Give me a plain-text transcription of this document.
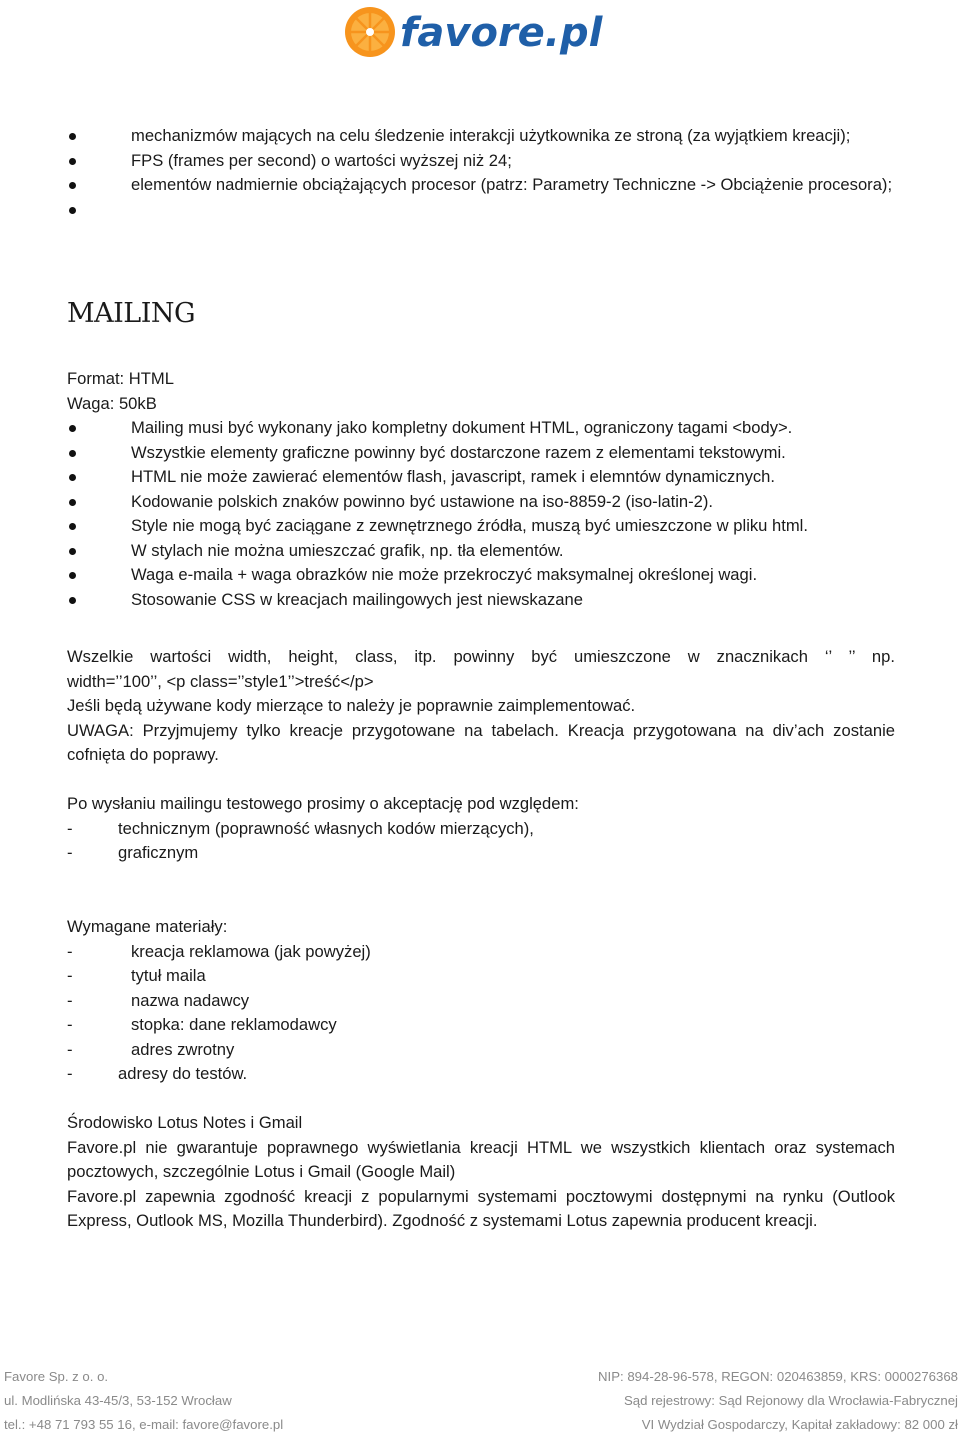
favore.pl
mechanizmów mających na celu śledzenie interakcji użytkownika ze stroną (za wyjątkiem kreacji);
FPS (frames per second) o wartości wyższej niż 24;
elementów nadmiernie obciążających procesor (patrz: Parametry Techniczne -> Obciążenie procesora);
MAILING

Format: HTML

Waga: 50kB

Mailing musi być wykonany jako kompletny dokument HTML, ograniczony tagami <body>.
Wszystkie elementy graficzne powinny być dostarczone razem z elementami tekstowymi.
HTML nie może zawierać elementów flash, javascript, ramek i elemntów dynamicznych.
Kodowanie polskich znaków powinno być ustawione na iso-8859-2 (iso-latin-2).
Style nie mogą być zaciągane z zewnętrznego źródła, muszą być umieszczone w pliku html.
W stylach nie można umieszczać grafik, np. tła elementów.
Waga e-maila + waga obrazków nie może przekroczyć maksymalnej określonej wagi.
Stosowanie CSS w kreacjach mailingowych jest niewskazane

Wszelkie wartości width, height, class, itp. powinny być umieszczone w znacznikach ‘’ ’’ np.

width=’’100’’, <p class=’’style1’’>treść</p>

Jeśli będą używane kody mierzące to należy je poprawnie zaimplementować.

UWAGA: Przyjmujemy tylko kreacje przygotowane na tabelach. Kreacja przygotowana na div’ach zostanie cofnięta do poprawy.

Po wysłaniu mailingu testowego prosimy o akceptację pod względem:

-	technicznym (poprawność własnych kodów mierzących),
-	graficznym

Wymagane materiały:

-	kreacja reklamowa (jak powyżej)
-	tytuł maila
-	nazwa nadawcy
-	stopka: dane reklamodawcy
-	adres zwrotny
-	adresy do testów.

Środowisko Lotus Notes i Gmail

Favore.pl nie gwarantuje poprawnego wyświetlania kreacji HTML we wszystkich klientach oraz systemach pocztowych, szczególnie Lotus i Gmail (Google Mail)

Favore.pl zapewnia zgodność kreacji z popularnymi systemami pocztowymi dostępnymi na rynku (Outlook Express, Outlook MS, Mozilla Thunderbird). Zgodność z systemami Lotus zapewnia producent kreacji.

Favore Sp. z o. o.
ul. Modlińska 43-45/3, 53-152 Wrocław
tel.: +48 71 793 55 16, e-mail: favore@favore.pl
NIP: 894-28-96-578, REGON: 020463859, KRS: 0000276368
Sąd rejestrowy: Sąd Rejonowy dla Wrocławia-Fabrycznej
VI Wydział Gospodarczy, Kapitał zakładowy: 82 000 zł
